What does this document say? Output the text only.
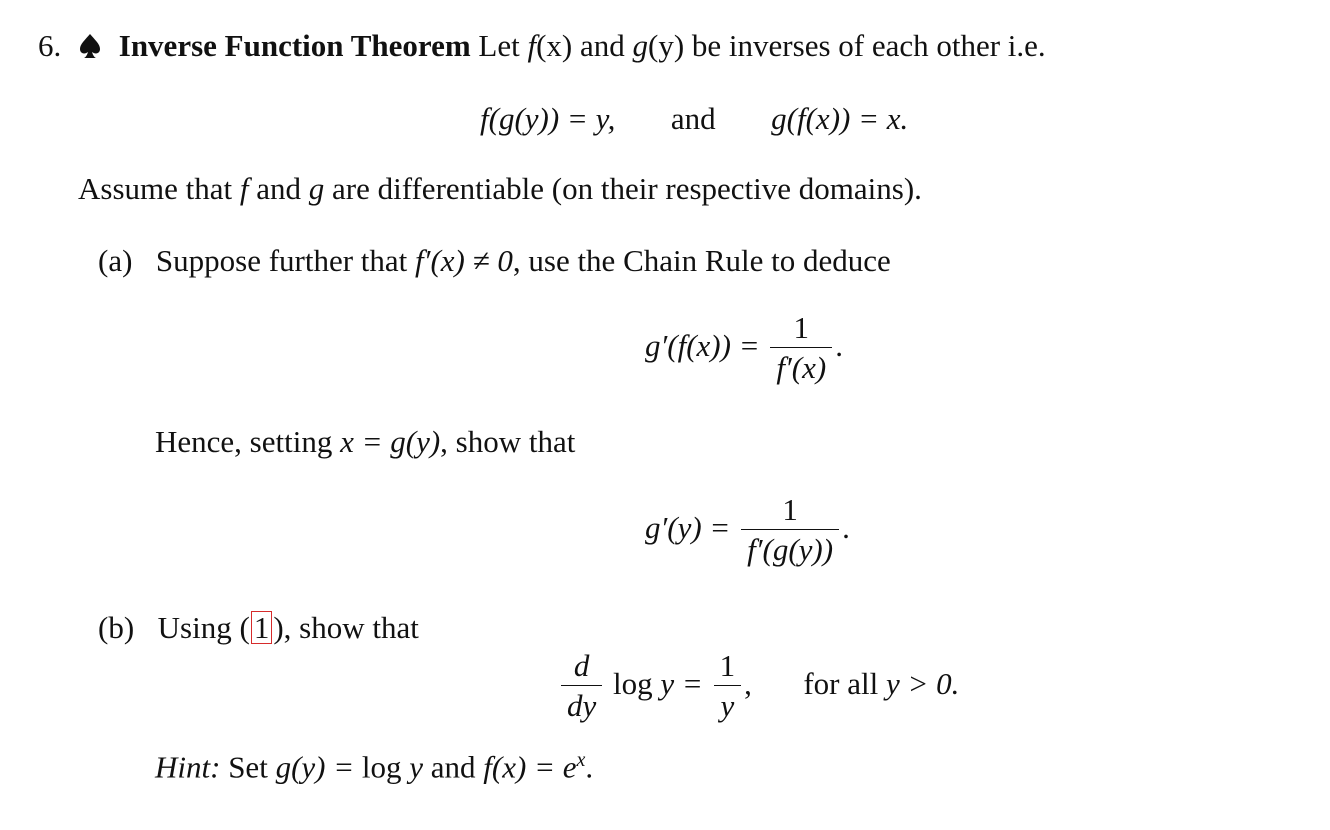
6. Inverse Function Theorem Let f(x) and g(y) be inverses of each other i.e.
f(g(y)) = y, and g(f(x)) = x.
Assume that f and g are differentiable (on their respective domains).
(a) Suppose further that f′(x) ≠ 0, use the Chain Rule to deduce
$g'(f(x)) = \frac{1}{f'(x)}$ .
Hence, setting x = g(y), show that
$g'(y) = \frac{1}{f'(g(y))}$ .
(b) Using ( 1 ), show that
$\frac{d}{dy}$ $\log y = \frac{1}{y}$ , for all y > 0.
Hint: Set g(y) = log y and $f(x) = e^x$.
